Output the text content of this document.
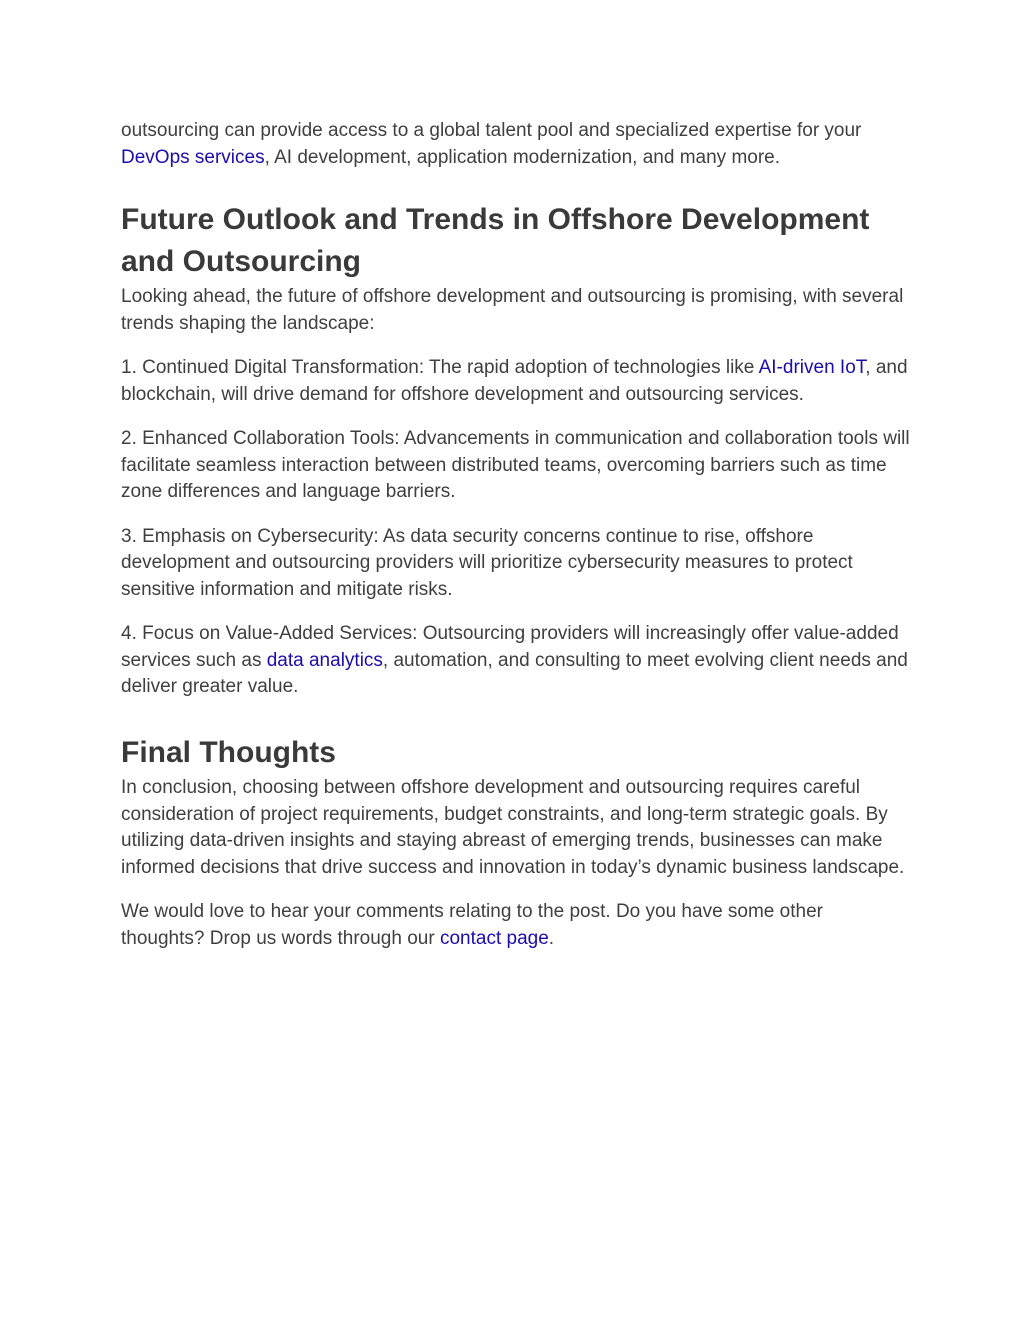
outsourcing can provide access to a global talent pool and specialized expertise for your DevOps services, AI development, application modernization, and many more.

Future Outlook and Trends in Offshore Development and Outsourcing

Looking ahead, the future of offshore development and outsourcing is promising, with several trends shaping the landscape:

1. Continued Digital Transformation: The rapid adoption of technologies like AI-driven IoT, and blockchain, will drive demand for offshore development and outsourcing services.

2. Enhanced Collaboration Tools: Advancements in communication and collaboration tools will facilitate seamless interaction between distributed teams, overcoming barriers such as time zone differences and language barriers.

3. Emphasis on Cybersecurity: As data security concerns continue to rise, offshore development and outsourcing providers will prioritize cybersecurity measures to protect sensitive information and mitigate risks.

4. Focus on Value-Added Services: Outsourcing providers will increasingly offer value-added services such as data analytics, automation, and consulting to meet evolving client needs and deliver greater value.

Final Thoughts

In conclusion, choosing between offshore development and outsourcing requires careful consideration of project requirements, budget constraints, and long-term strategic goals. By utilizing data-driven insights and staying abreast of emerging trends, businesses can make informed decisions that drive success and innovation in today’s dynamic business landscape.

We would love to hear your comments relating to the post. Do you have some other thoughts? Drop us words through our contact page.
